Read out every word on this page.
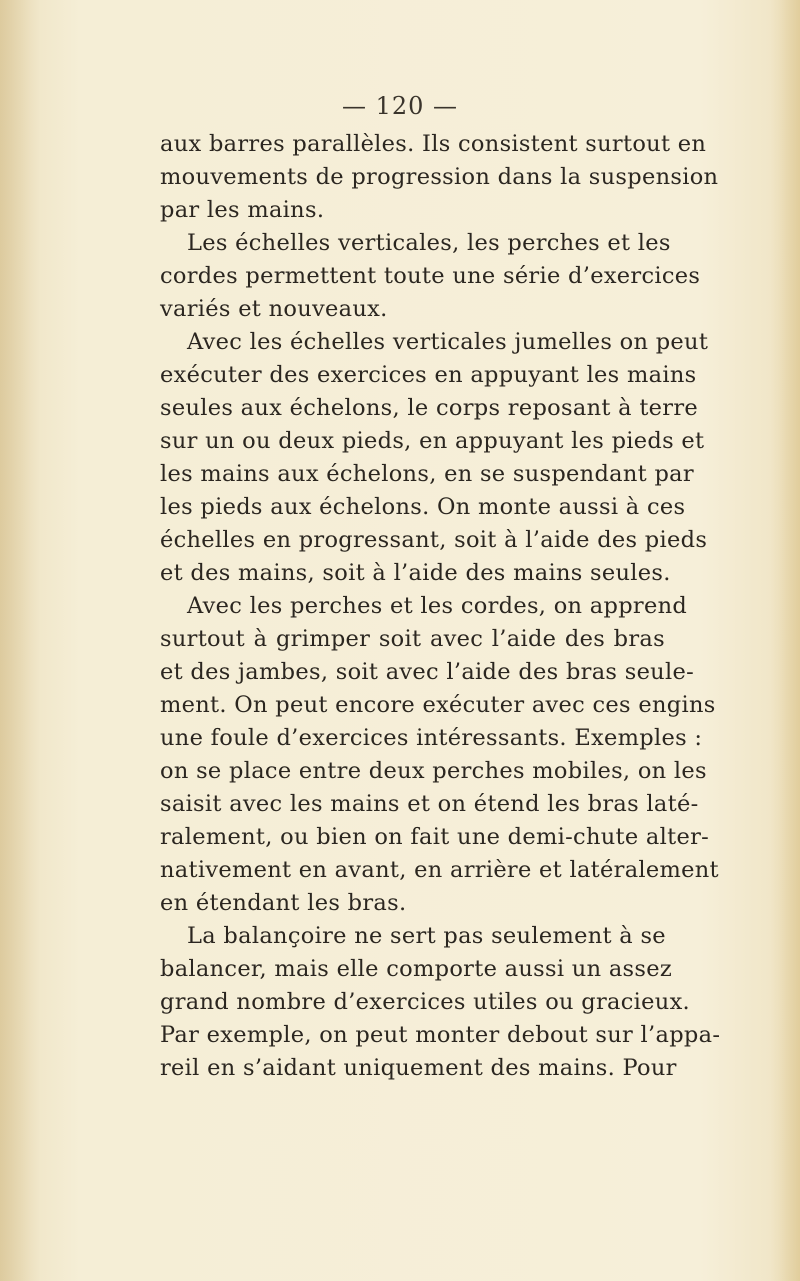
— 120 —
aux barres parallèles. Ils consistent surtout en
mouvements de progression dans la suspension
par les mains.
Les échelles verticales, les perches et les
cordes permettent toute une série d’exercices
variés et nouveaux.
Avec les échelles verticales jumelles on peut
exécuter des exercices en appuyant les mains
seules aux échelons, le corps reposant à terre
sur un ou deux pieds, en appuyant les pieds et
les mains aux échelons, en se suspendant par
les pieds aux échelons. On monte aussi à ces
échelles en progressant, soit à l’aide des pieds
et des mains, soit à l’aide des mains seules.
Avec les perches et les cordes, on apprend
surtout à grimper soit avec l’aide des bras
et des jambes, soit avec l’aide des bras seule-
ment. On peut encore exécuter avec ces engins
une foule d’exercices intéressants. Exemples :
on se place entre deux perches mobiles, on les
saisit avec les mains et on étend les bras laté-
ralement, ou bien on fait une demi-chute alter-
nativement en avant, en arrière et latéralement
en étendant les bras.
La balançoire ne sert pas seulement à se
balancer, mais elle comporte aussi un assez
grand nombre d’exercices utiles ou gracieux.
Par exemple, on peut monter debout sur l’appa-
reil en s’aidant uniquement des mains. Pour
